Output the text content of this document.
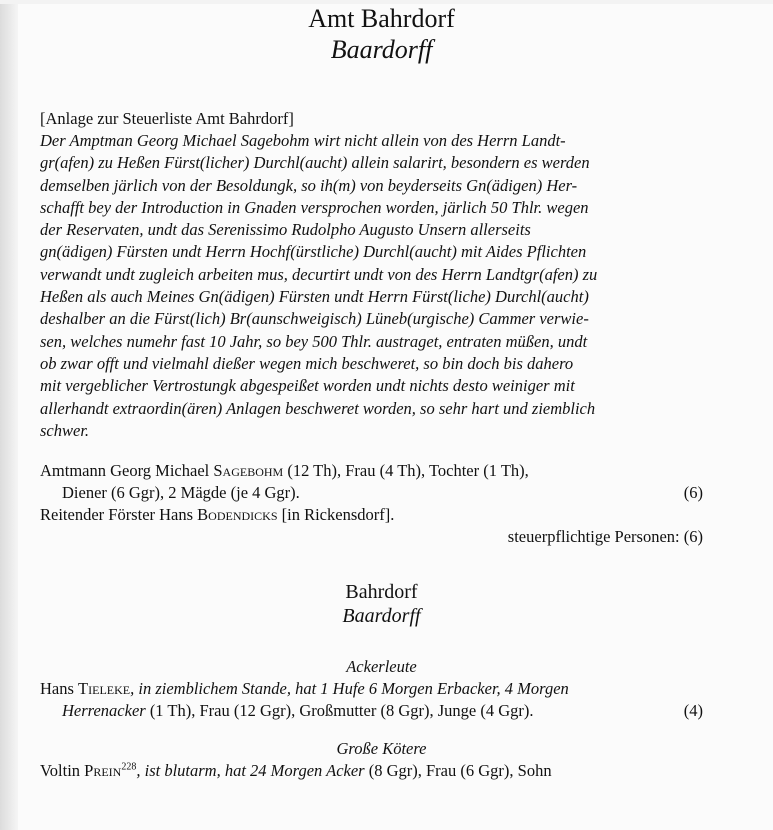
Amt Bahrdorf
Baardorff
[Anlage zur Steuerliste Amt Bahrdorf]
Der Amptman Georg Michael Sagebohm wirt nicht allein von des Herrn Landt-
gr(afen) zu Heßen Fürst(licher) Durchl(aucht) allein salarirt, besondern es werden
demselben järlich von der Besoldungk, so ih(m) von beyderseits Gn(ädigen) Her-
schafft bey der Introduction in Gnaden versprochen worden, järlich 50 Thlr. wegen
der Reservaten, undt das Serenissimo Rudolpho Augusto Unsern allerseits
gn(ädigen) Fürsten undt Herrn Hochf(ürstliche) Durchl(aucht) mit Aides Pflichten
verwandt undt zugleich arbeiten mus, decurtirt undt von des Herrn Landtgr(afen) zu
Heßen als auch Meines Gn(ädigen) Fürsten undt Herrn Fürst(liche) Durchl(aucht)
deshalber an die Fürst(lich) Br(aunschweigisch) Lüneb(urgische) Cammer verwie-
sen, welches numehr fast 10 Jahr, so bey 500 Thlr. austraget, entraten müßen, undt
ob zwar offt und vielmahl dießer wegen mich beschweret, so bin doch bis dahero
mit vergeblicher Vertrostungk abgespeißet worden undt nichts desto weiniger mit
allerhandt extraordin(ären) Anlagen beschweret worden, so sehr hart und ziemblich
schwer.
Amtmann Georg Michael Sagebohm (12 Th), Frau (4 Th), Tochter (1 Th),
Diener (6 Ggr), 2 Mägde (je 4 Ggr).	(6)
Reitender Förster Hans Bodendicks [in Rickensdorf].
steuerpflichtige Personen: (6)
Bahrdorf
Baardorff
Ackerleute
Hans Tieleke, in ziemblichem Stande, hat 1 Hufe 6 Morgen Erbacker, 4 Morgen
Herrenacker (1 Th), Frau (12 Ggr), Großmutter (8 Ggr), Junge (4 Ggr).	(4)
Große Kötere
Voltin Prein$^{228}$, ist blutarm, hat 24 Morgen Acker (8 Ggr), Frau (6 Ggr), Sohn
